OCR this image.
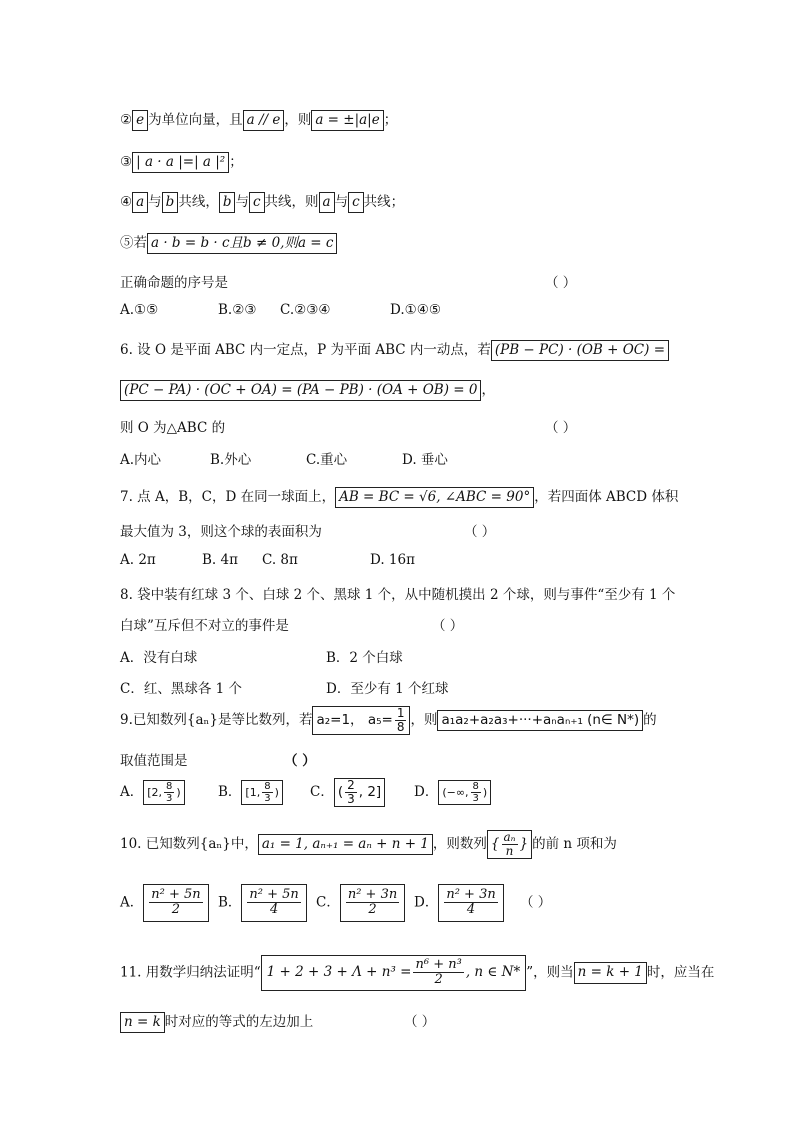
② e 为单位向量，且 a // e ，则 a = ±|a|e ；
③ | a · a |=| a |² ；
④ a 与 b 共线， b 与 c 共线，则 a 与 c 共线；
⑤若 a · b = b · c且b ≠ 0,则a = c
正确命题的序号是	（ ）
A.①⑤	B.②③ C.②③④	D.①④⑤
6. 设 O 是平面 ABC 内一定点，P 为平面 ABC 内一动点，若 (PB − PC) · (OB + OC) =
(PC − PA) · (OC + OA) = (PA − PB) · (OA + OB) = 0 ，
则 O 为△ABC 的	（ ）
A.内心	B.外心	C.重心	D. 垂心
7. 点 A，B，C，D 在同一球面上， AB = BC = √6, ∠ABC = 90° ，若四面体 ABCD 体积
最大值为 3，则这个球的表面积为	（ ）
A. 2π	B. 4π C. 8π	D. 16π
8. 袋中装有红球 3 个、白球 2 个、黑球 1 个，从中随机摸出 2 个球，则与事件“至少有 1 个
白球”互斥但不对立的事件是	（ ）
A．没有白球	B．2 个白球
C．红、黑球各 1 个	D．至少有 1 个红球
9.已知数列{aₙ}是等比数列，若 a₂=1， $a_5= \frac{1}{8}$ ，则 a₁a₂+a₂a₃+···+aₙaₙ₊₁ (n∈ N*) 的
取值范围是	（ ）
A． [2, $\frac{8}{3}$ )	B． [1, $\frac{8}{3}$ ) C． ( $\frac{2}{3}$ , 2] D． (−∞, $\frac{8}{3}$ )
10. 已知数列{aₙ}中， a₁ = 1, aₙ₊₁ = aₙ + n + 1 ，则数列 { $\frac{\text{aₙ}}{n}$ } 的前 n 项和为
A． $\frac{\text{n² + 5n}}{2}$ B． $\frac{\text{n² + 5n}}{4}$ C． $\frac{\text{n² + 3n}}{2}$ D． $\frac{\text{n² + 3n}}{4}$ （ ）
11. 用数学归纳法证明“ $1 + 2 + 3 + \Lambda + n^3 = \frac{\text{n⁶ + n³}}{2}$ , n ∈ N* ”，则当 n = k + 1 时，应当在
n = k 时对应的等式的左边加上	（ ）
